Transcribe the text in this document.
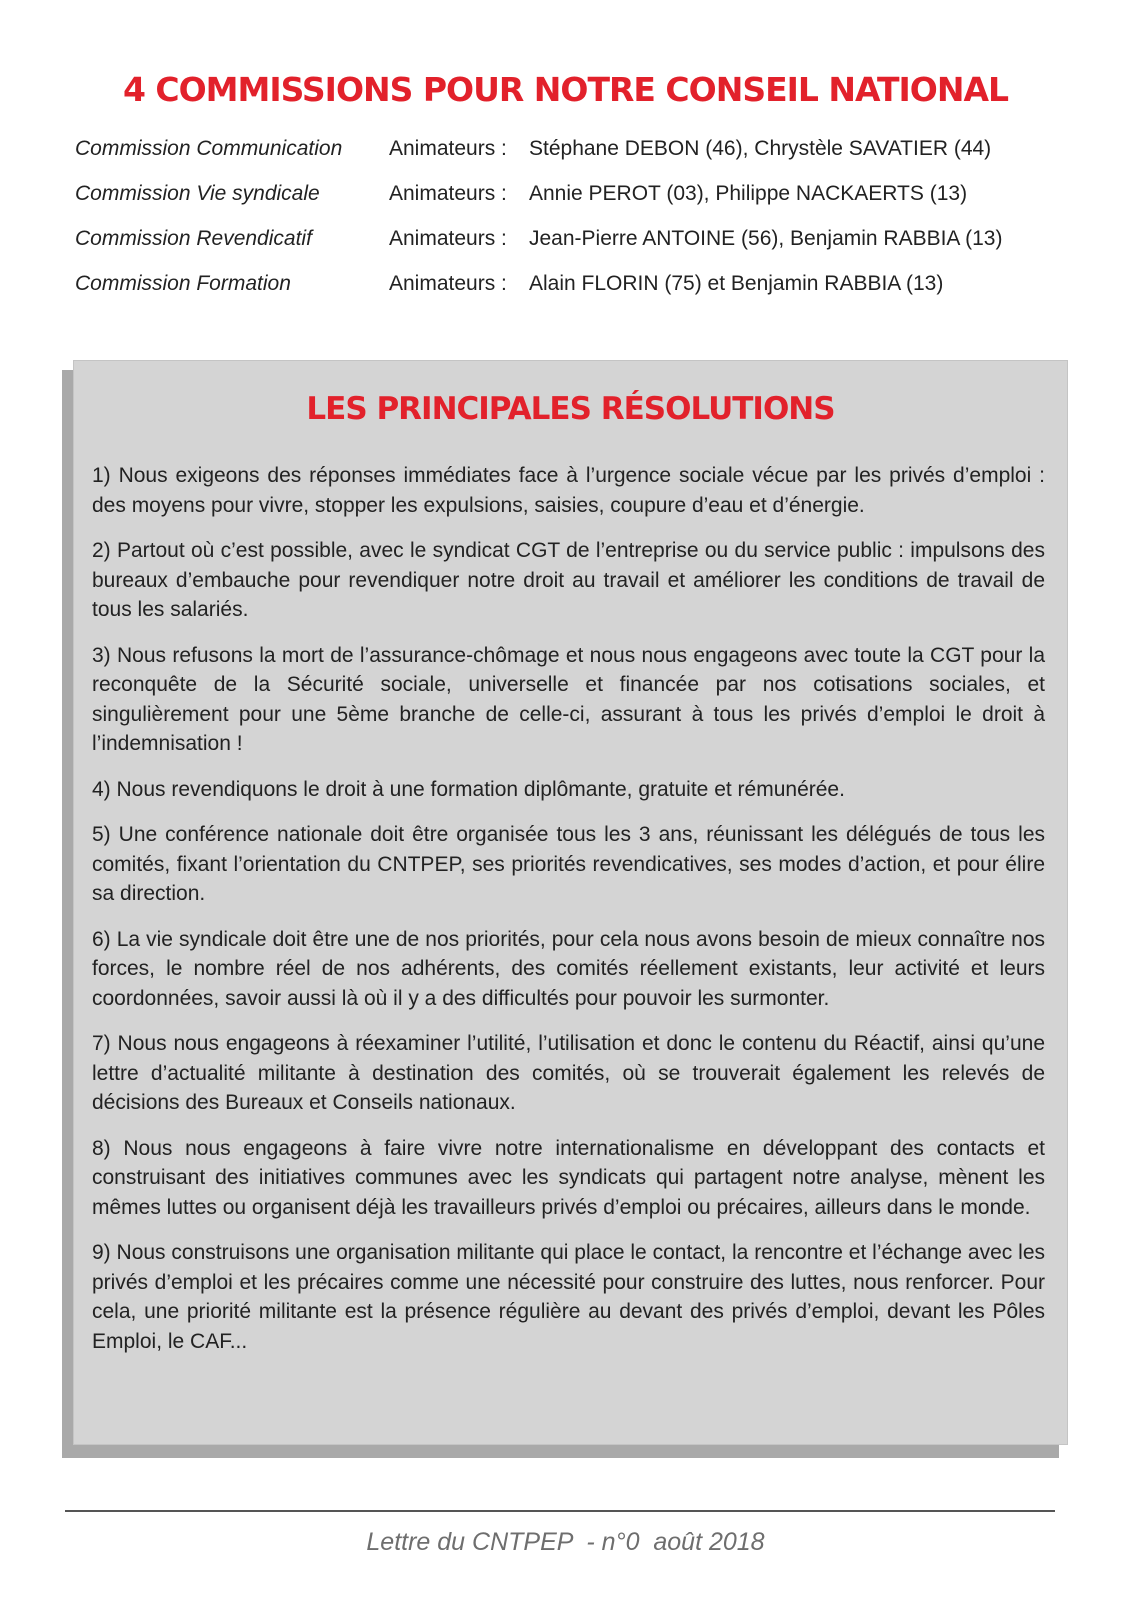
4 COMMISSIONS POUR NOTRE CONSEIL NATIONAL
Commission Communication Animateurs : Stéphane DEBON (46), Chrystèle SAVATIER (44)
Commission Vie syndicale	Animateurs : Annie PEROT (03), Philippe NACKAERTS (13)
Commission Revendicatif	Animateurs : Jean-Pierre ANTOINE (56), Benjamin RABBIA (13)
Commission Formation	Animateurs : Alain FLORIN (75) et Benjamin RABBIA (13)
LES PRINCIPALES RÉSOLUTIONS

1) Nous exigeons des réponses immédiates face à l’urgence sociale vécue par les privés d’emploi : des moyens pour vivre, stopper les expulsions, saisies, coupure d’eau et d’énergie.

2) Partout où c’est possible, avec le syndicat CGT de l’entreprise ou du service public : impulsons des bureaux d’embauche pour revendiquer notre droit au travail et améliorer les conditions de travail de tous les salariés.

3) Nous refusons la mort de l’assurance-chômage et nous nous engageons avec toute la CGT pour la reconquête de la Sécurité sociale, universelle et financée par nos cotisations sociales, et singulièrement pour une 5ème branche de celle-ci, assurant à tous les privés d’emploi le droit à l’indemnisation !

4) Nous revendiquons le droit à une formation diplômante, gratuite et rémunérée.

5) Une conférence nationale doit être organisée tous les 3 ans, réunissant les délégués de tous les comités, fixant l’orientation du CNTPEP, ses priorités revendicatives, ses modes d’action, et pour élire sa direction.

6) La vie syndicale doit être une de nos priorités, pour cela nous avons besoin de mieux connaître nos forces, le nombre réel de nos adhérents, des comités réellement existants, leur activité et leurs coordonnées, savoir aussi là où il y a des difficultés pour pouvoir les surmonter.

7) Nous nous engageons à réexaminer l’utilité, l’utilisation et donc le contenu du Réactif, ainsi qu’une lettre d’actualité militante à destination des comités, où se trouverait également les relevés de décisions des Bureaux et Conseils nationaux.

8) Nous nous engageons à faire vivre notre internationalisme en développant des contacts et construisant des initiatives communes avec les syndicats qui partagent notre analyse, mènent les mêmes luttes ou organisent déjà les travailleurs privés d’emploi ou précaires, ailleurs dans le monde.

9) Nous construisons une organisation militante qui place le contact, la rencontre et l’échange avec les privés d’emploi et les précaires comme une nécessité pour construire des luttes, nous renforcer. Pour cela, une priorité militante est la présence régulière au devant des privés d’emploi, devant les Pôles Emploi, le CAF...

Lettre du CNTPEP  - n°0  août 2018
